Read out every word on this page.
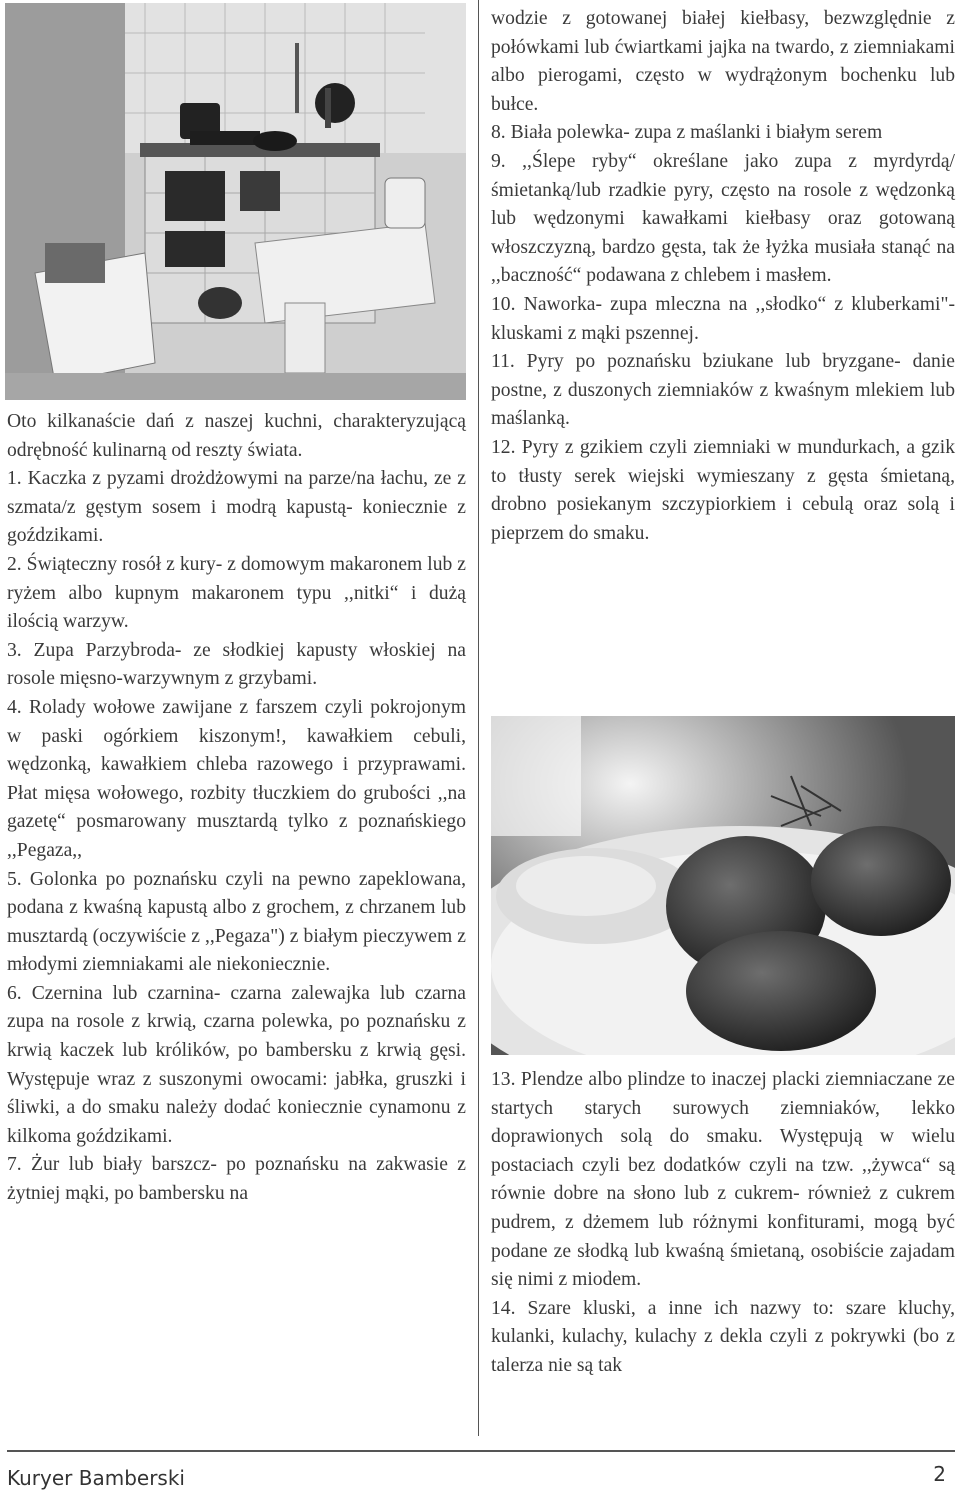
Oto kilkanaście dań z naszej kuchni, charakteryzującą odrębność kulinarną od reszty świata.

1. Kaczka z pyzami drożdżowymi na parze/na łachu, ze z szmata/z gęstym sosem i modrą kapustą- koniecznie z goździkami.

2. Świąteczny rosół z kury- z domowym makaronem lub z ryżem albo kupnym makaronem typu ,,nitki“ i dużą ilością warzyw.

3. Zupa Parzybroda- ze słodkiej kapusty włoskiej na rosole mięsno-warzywnym z grzybami.

4. Rolady wołowe zawijane z farszem czyli pokrojonym w paski ogórkiem kiszonym!, kawałkiem cebuli, wędzonką, kawałkiem chleba razowego i przyprawami. Płat mięsa wołowego, rozbity tłuczkiem do grubości ,,na gazetę“ posmarowany musztardą tylko z poznańskiego ,,Pegaza,,

5. Golonka po poznańsku czyli na pewno zapeklowana, podana z kwaśną kapustą albo z grochem, z chrzanem lub musztardą (oczywiście z ,,Pegaza") z białym pieczywem z młodymi ziemniakami ale niekoniecznie.

6. Czernina lub czarnina- czarna zalewajka lub czarna zupa na rosole z krwią, czarna polewka, po poznańsku z krwią kaczek lub królików, po bambersku z krwią gęsi. Występuje wraz z suszonymi owocami: jabłka, gruszki i śliwki, a do smaku należy dodać koniecznie cynamonu z kilkoma goździkami.

7. Żur lub biały barszcz- po poznańsku na zakwasie z żytniej mąki, po bambersku na

wodzie z gotowanej białej kiełbasy, bezwzględnie z połówkami lub ćwiartkami jajka na twardo, z ziemniakami albo pierogami, często w wydrążonym bochenku lub bułce.

8. Biała polewka- zupa z maślanki i białym serem

9. ,,Ślepe ryby“ określane jako zupa z myrdyrdą/śmietanką/lub rzadkie pyry, często na rosole z wędzonką lub wędzonymi kawałkami kiełbasy oraz gotowaną włoszczyzną, bardzo gęsta, tak że łyżka musiała stanąć na ,,baczność“ podawana z chlebem i masłem.

10. Naworka- zupa mleczna na ,,słodko“ z kluberkami"-kluskami z mąki pszennej.

11. Pyry po poznańsku bziukane lub bryzgane- danie postne, z duszonych ziemniaków z kwaśnym mlekiem lub maślanką.

12. Pyry z gzikiem czyli ziemniaki w mundurkach, a gzik to tłusty serek wiejski wymieszany z gęsta śmietaną, drobno posiekanym szczypiorkiem i cebulą oraz solą i pieprzem do smaku.

13. Plendze albo plindze to inaczej placki ziemniaczane ze startych starych surowych ziemniaków, lekko doprawionych solą do smaku. Występują w wielu postaciach czyli bez dodatków czyli na tzw. ,,żywca“ są równie dobre na słono lub z cukrem- również z cukrem pudrem, z dżemem lub różnymi konfiturami, mogą być podane ze słodką lub kwaśną śmietaną, osobiście zajadam się nimi z miodem.

14. Szare kluski, a inne ich nazwy to: szare kluchy, kulanki, kulachy, kulachy z dekla czyli z pokrywki (bo z talerza nie są tak

Kuryer Bamberski	2
